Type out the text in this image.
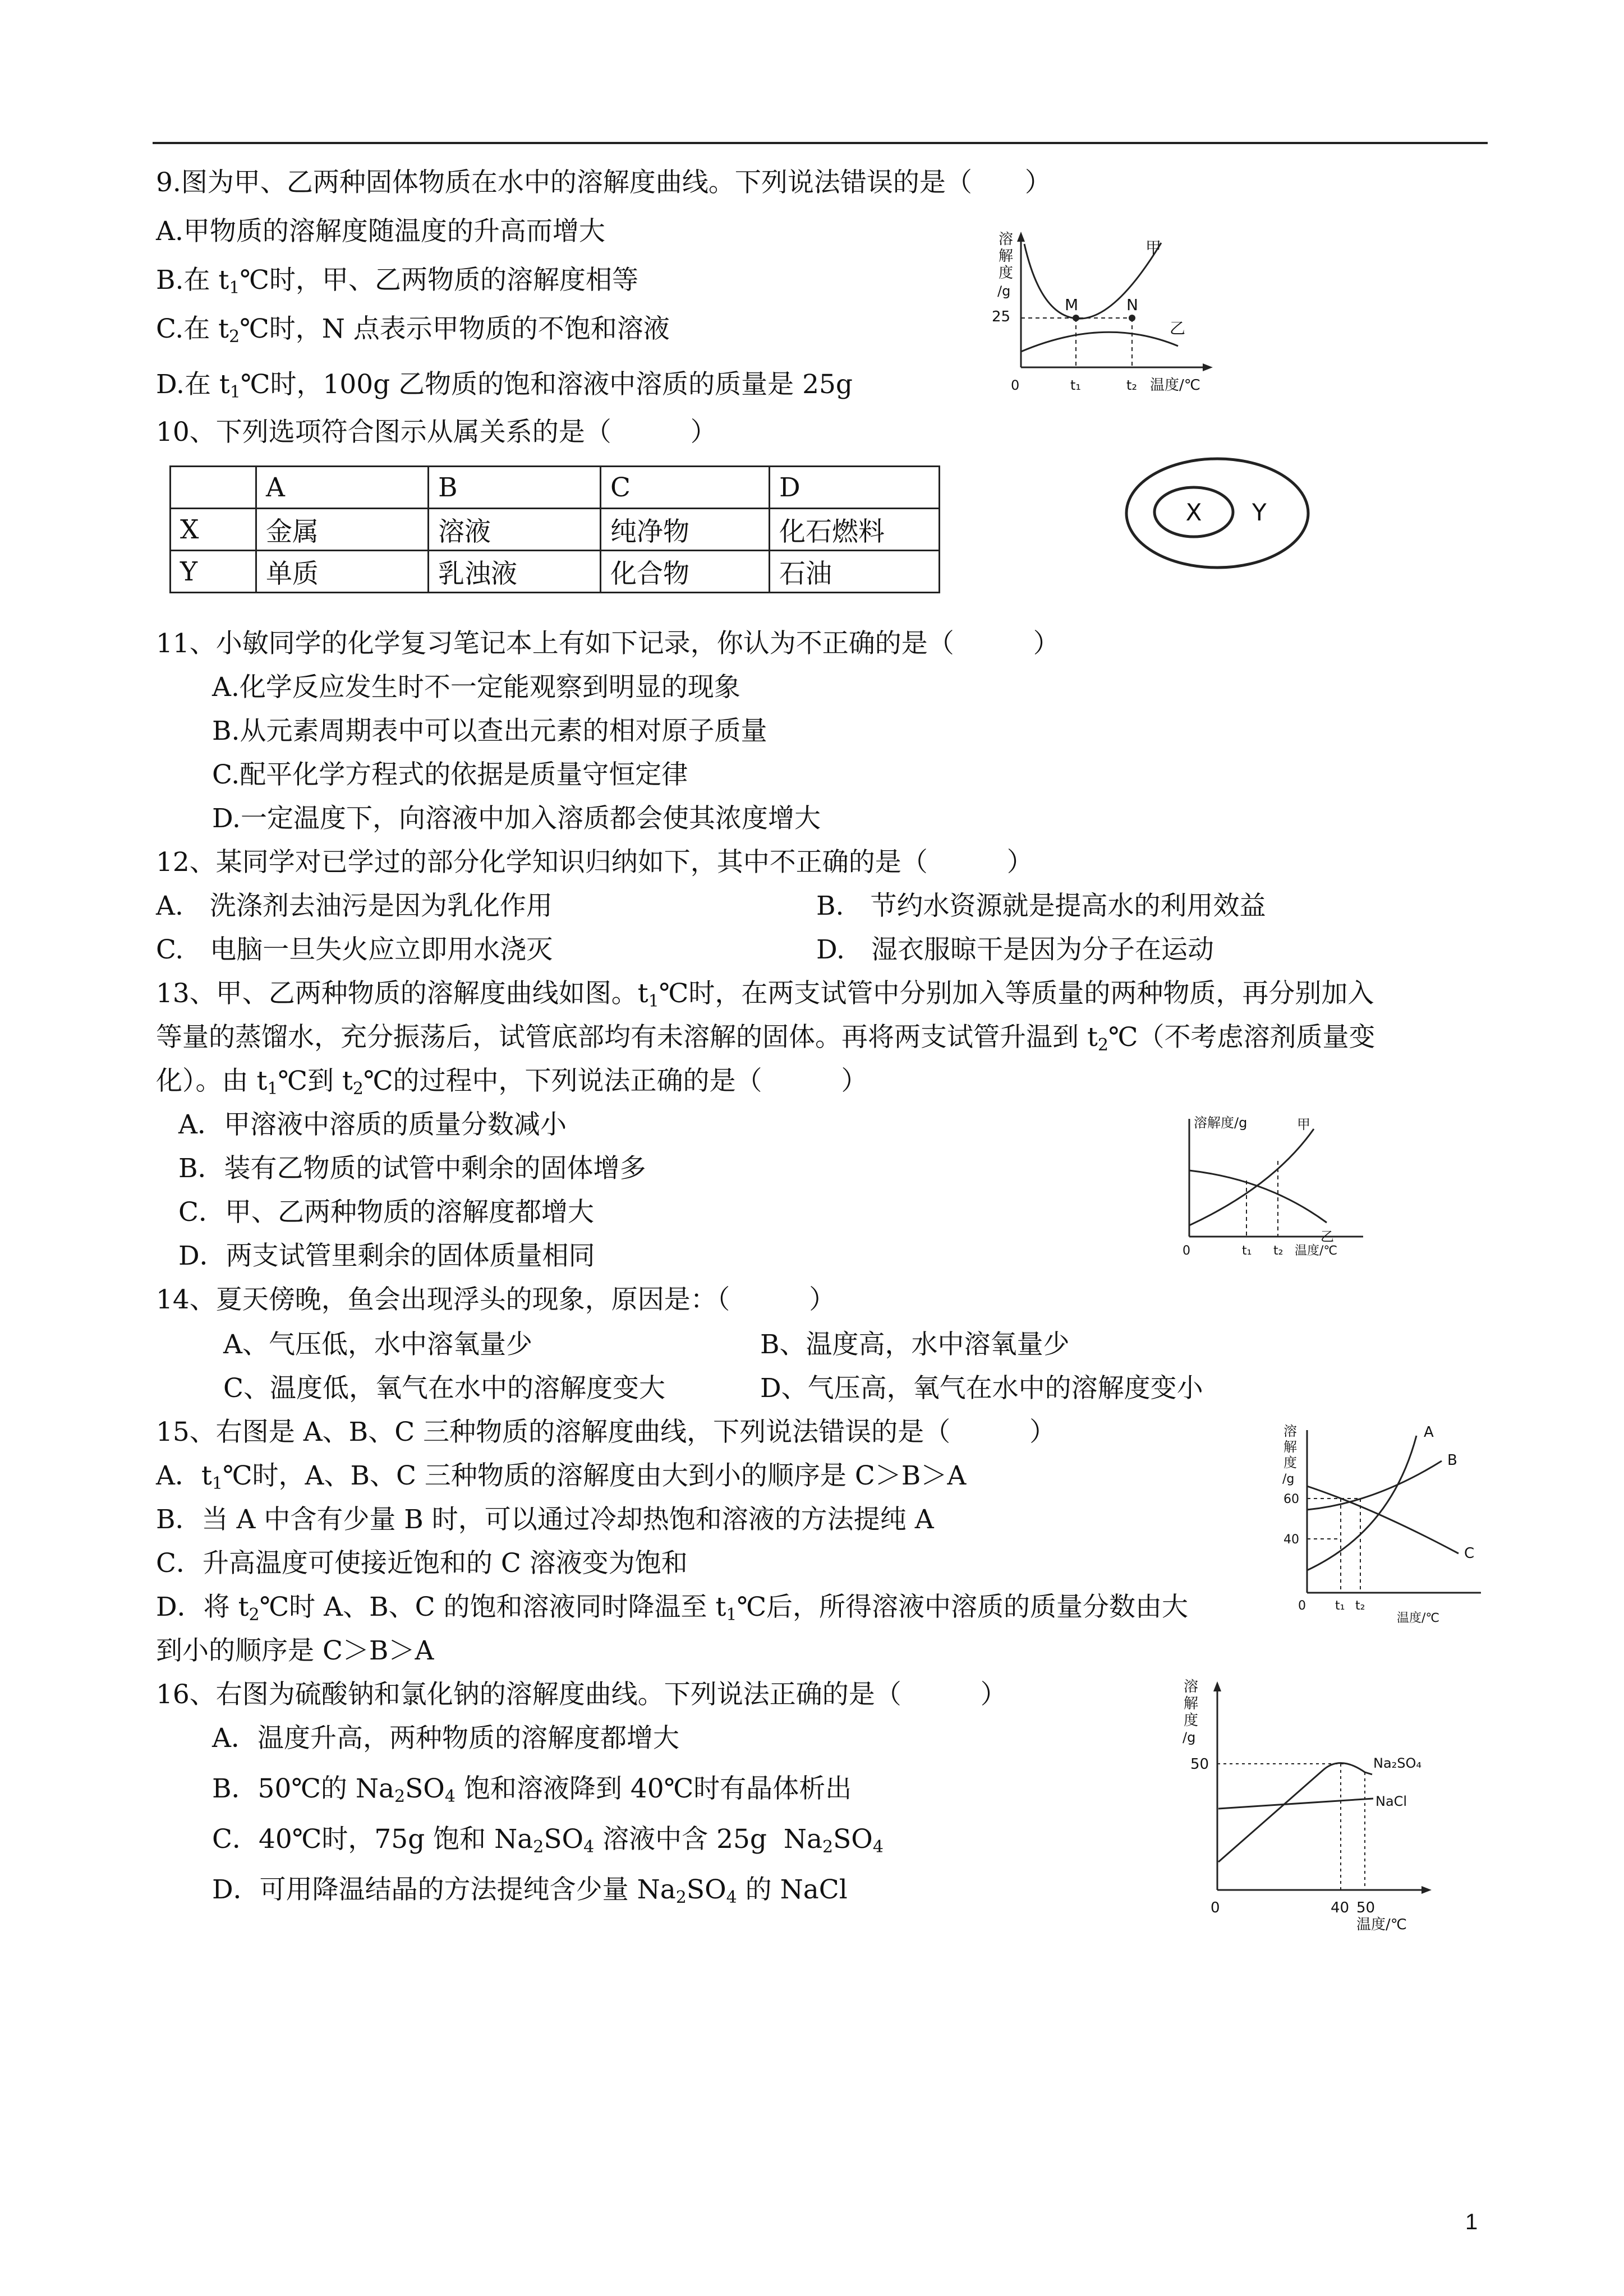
9.图为甲、乙两种固体物质在水中的溶解度曲线。下列说法错误的是（　　）
A.甲物质的溶解度随温度的升高而增大
B.在 $t_1℃$时，甲、乙两物质的溶解度相等
C.在 $t_2℃$时，N 点表示甲物质的不饱和溶液
D.在 $t_1℃$时，100g 乙物质的饱和溶液中溶质的质量是 25g
溶
解
度
/g
25
M	N
甲
乙
0	t₁	t₂ 温度/℃
10、下列选项符合图示从属关系的是（　　　）
	A	B	C	D
X	金属	溶液	纯净物	化石燃料
Y	单质	乳浊液	化合物	石油
X Y
11、小敏同学的化学复习笔记本上有如下记录，你认为不正确的是（　　　）
A.化学反应发生时不一定能观察到明显的现象
B.从元素周期表中可以查出元素的相对原子质量
C.配平化学方程式的依据是质量守恒定律
D.一定温度下，向溶液中加入溶质都会使其浓度增大
12、某同学对已学过的部分化学知识归纳如下，其中不正确的是（　　　）
A.　洗涤剂去油污是因为乳化作用	B.　节约水资源就是提高水的利用效益
C.　电脑一旦失火应立即用水浇灭	D.　湿衣服晾干是因为分子在运动
13、甲、乙两种物质的溶解度曲线如图。$t_1℃$时，在两支试管中分别加入等质量的两种物质，再分别加入
等量的蒸馏水，充分振荡后，试管底部均有未溶解的固体。再将两支试管升温到 $t_2℃$（不考虑溶剂质量变
化）。由 $t_1℃$到 $t_2℃$的过程中，下列说法正确的是（　　　）
A．甲溶液中溶质的质量分数减小
B．装有乙物质的试管中剩余的固体增多
C．甲、乙两种物质的溶解度都增大
D．两支试管里剩余的固体质量相同
溶解度/g	甲
乙
0	t₁ t₂ 温度/℃
14、夏天傍晚，鱼会出现浮头的现象，原因是：（　　　）
A、气压低，水中溶氧量少	B、温度高，水中溶氧量少
C、温度低，氧气在水中的溶解度变大	D、气压高，氧气在水中的溶解度变小
15、右图是 A、B、C 三种物质的溶解度曲线，下列说法错误的是（　　　）
A．$t_1℃$时，A、B、C 三种物质的溶解度由大到小的顺序是 C＞B＞A
B．当 A 中含有少量 B 时，可以通过冷却热饱和溶液的方法提纯 A
C．升高温度可使接近饱和的 C 溶液变为饱和
D．将 $t_2℃$时 A、B、C 的饱和溶液同时降温至 $t_1℃$后，所得溶液中溶质的质量分数由大
到小的顺序是 C＞B＞A
溶
解
度
/g
60
40
A
B
C
0 t₁ t₂
温度/℃
16、右图为硫酸钠和氯化钠的溶解度曲线。下列说法正确的是（　　　）
A．温度升高，两种物质的溶解度都增大
B．50℃的 $Na_2SO_4$ 饱和溶液降到 40℃时有晶体析出
C．40℃时，75g 饱和 $Na_2SO_4$ 溶液中含 25g  $Na_2SO_4$
D．可用降温结晶的方法提纯含少量 $Na_2SO_4$ 的 NaCl
溶
解
度
/g
50	Na₂SO₄
NaCl
0	40 50
温度/℃
1
